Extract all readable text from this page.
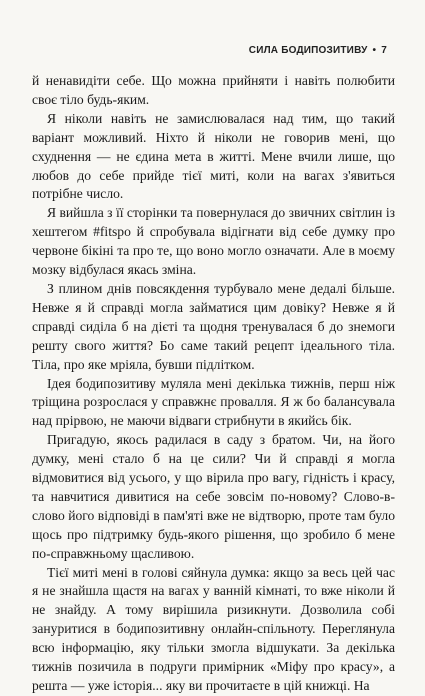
СИЛА БОДИПОЗИТИВУ • 7

й ненавидіти себе. Що можна прийняти і навіть полюбити своє тіло будь-яким.

Я ніколи навіть не замислювалася над тим, що такий варіант можливий. Ніхто й ніколи не говорив мені, що схуднення — не єдина мета в житті. Мене вчили лише, що любов до себе прийде тієї миті, коли на вагах з'явиться потрібне число.

Я вийшла з її сторінки та повернулася до звичних світлин із хештегом #fitspo й спробувала відігнати від себе думку про червоне бікіні та про те, що воно могло означати. Але в моєму мозку відбулася якась зміна.

З плином днів повсякдення турбувало мене дедалі більше. Невже я й справді могла займатися цим довіку? Невже я й справді сиділа б на дієті та щодня тренувалася б до знемоги решту свого життя? Бо саме такий рецепт ідеального тіла. Тіла, про яке мріяла, бувши підлітком.

Ідея бодипозитиву муляла мені декілька тижнів, перш ніж тріщина розрослася у справжнє провалля. Я ж бо балансувала над прірвою, не маючи відваги стрибнути в якийсь бік.

Пригадую, якось радилася в саду з братом. Чи, на його думку, мені стало б на це сили? Чи й справді я могла відмовитися від усього, у що вірила про вагу, гідність і красу, та навчитися дивитися на себе зовсім по-новому? Слово-в-слово його відповіді в пам'яті вже не відтворю, проте там було щось про підтримку будь-якого рішення, що зробило б мене по-справжньому щасливою.

Тієї миті мені в голові сяйнула думка: якщо за весь цей час я не знайшла щастя на вагах у ванній кімнаті, то вже ніколи й не знайду. А тому вирішила ризикнути. Дозволила собі зануритися в бодипозитивну онлайн-спільноту. Переглянула всю інформацію, яку тільки змогла відшукати. За декілька тижнів позичила в подруги примірник «Міфу про красу», а решта — уже історія... яку ви прочитаєте в цій книжці. На
